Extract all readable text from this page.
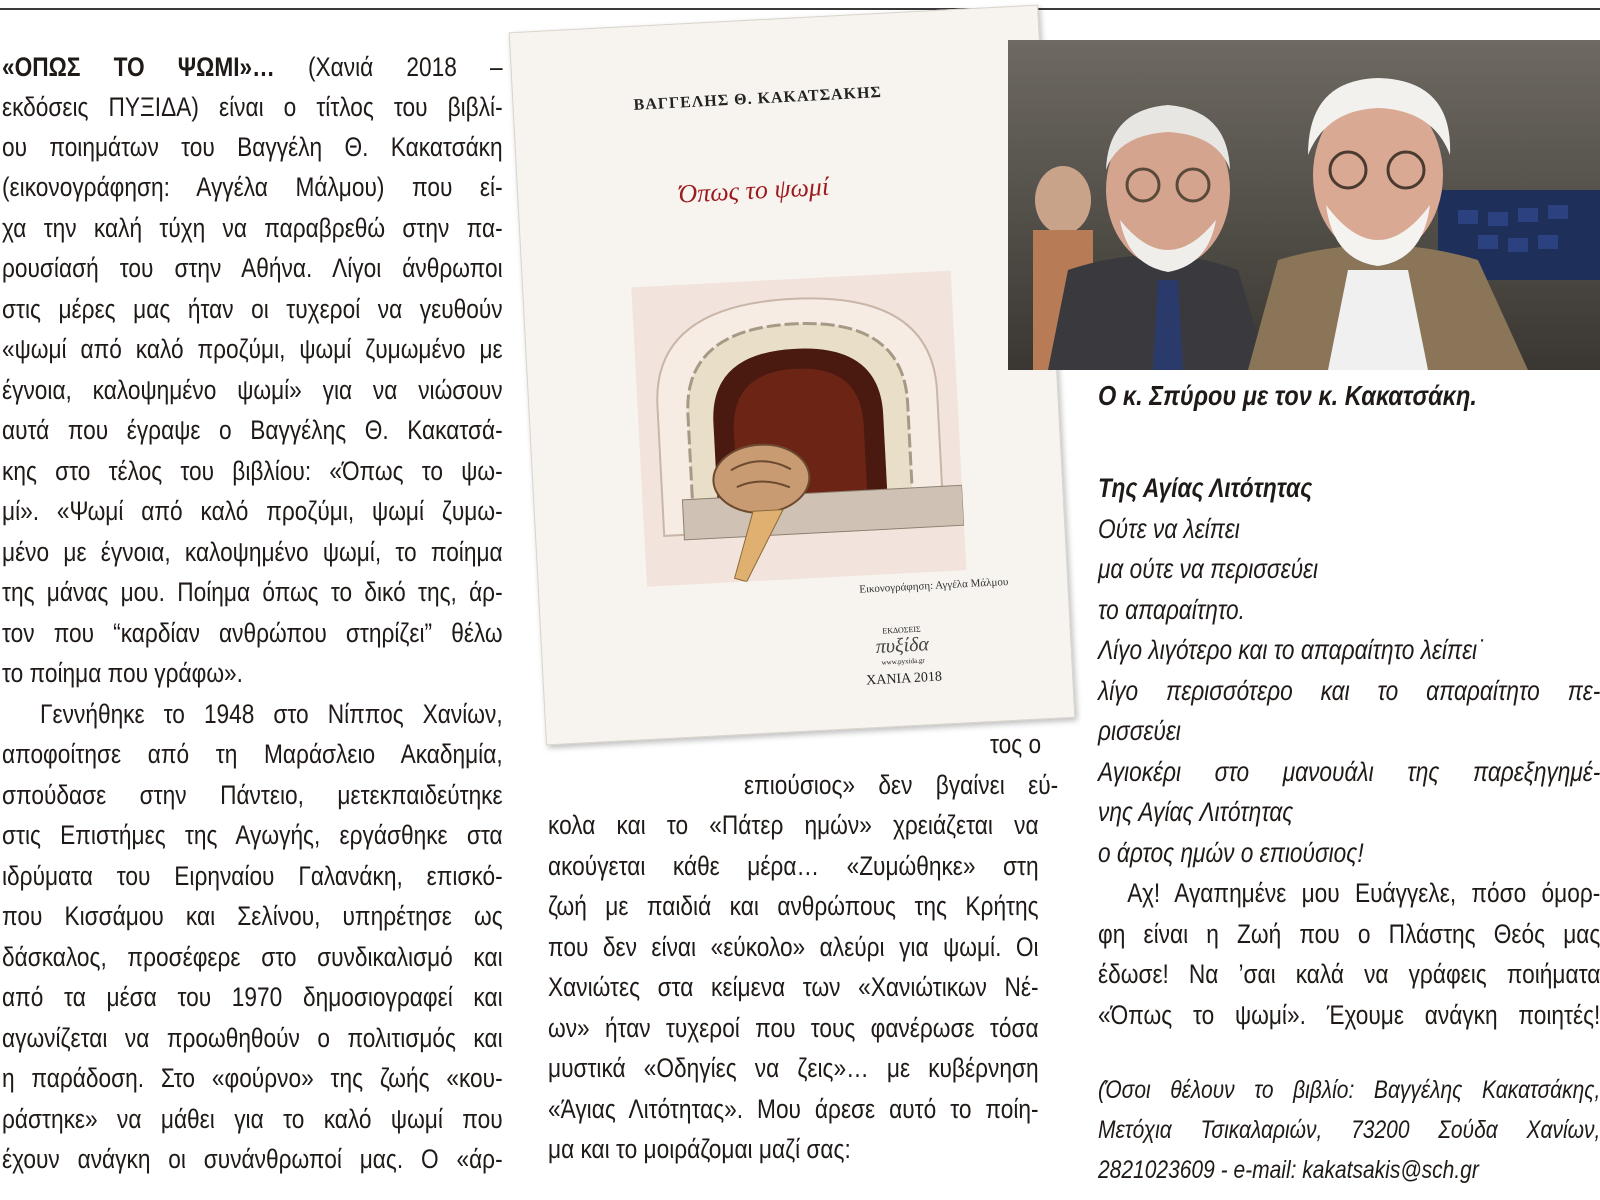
«ΟΠΩΣ ΤΟ ΨΩΜΙ»… (Χανιά 2018 –
εκδόσεις ΠΥΞΙΔΑ) είναι ο τίτλος του βιβλί-
ου ποιημάτων του Βαγγέλη Θ. Κακατσάκη
(εικονογράφηση: Αγγέλα Μάλμου) που εί-
χα την καλή τύχη να παραβρεθώ στην πα-
ρουσίασή του στην Αθήνα. Λίγοι άνθρωποι
στις μέρες μας ήταν οι τυχεροί να γευθούν
«ψωμί από καλό προζύμι, ψωμί ζυμωμένο με
έγνοια, καλοψημένο ψωμί» για να νιώσουν
αυτά που έγραψε ο Βαγγέλης Θ. Κακατσά-
κης στο τέλος του βιβλίου: «Όπως το ψω-
μί». «Ψωμί από καλό προζύμι, ψωμί ζυμω-
μένο με έγνοια, καλοψημένο ψωμί, το ποίημα
της μάνας μου. Ποίημα όπως το δικό της, άρ-
τον που “καρδίαν ανθρώπου στηρίζει” θέλω
το ποίημα που γράφω».
Γεννήθηκε το 1948 στο Νίππος Χανίων,
αποφοίτησε από τη Μαράσλειο Ακαδημία,
σπούδασε στην Πάντειο, μετεκπαιδεύτηκε
στις Επιστήμες της Αγωγής, εργάσθηκε στα
ιδρύματα του Ειρηναίου Γαλανάκη, επισκό-
που Κισσάμου και Σελίνου, υπηρέτησε ως
δάσκαλος, προσέφερε στο συνδικαλισμό και
από τα μέσα του 1970 δημοσιογραφεί και
αγωνίζεται να προωθηθούν ο πολιτισμός και
η παράδοση. Στο «φούρνο» της ζωής «κου-
ράστηκε» να μάθει για το καλό ψωμί που
έχουν ανάγκη οι συνάνθρωποί μας. Ο «άρ-
ΒΑΓΓΕΛΗΣ Θ. ΚΑΚΑΤΣΑΚΗΣ
Όπως το ψωμί
Εικονογράφηση: Αγγέλα Μάλμου
ΕΚΔΟΣΕΙΣ
πυξίδα
www.pyxida.gr
ΧΑΝΙΑ 2018
τος ο
επιούσιος» δεν βγαίνει εύ-
κολα και το «Πάτερ ημών» χρειάζεται να
ακούγεται κάθε μέρα… «Ζυμώθηκε» στη
ζωή με παιδιά και ανθρώπους της Κρήτης
που δεν είναι «εύκολο» αλεύρι για ψωμί. Οι
Χανιώτες στα κείμενα των «Χανιώτικων Νέ-
ων» ήταν τυχεροί που τους φανέρωσε τόσα
μυστικά «Οδηγίες να ζεις»… με κυβέρνηση
«Άγιας Λιτότητας». Μου άρεσε αυτό το ποίη-
μα και το μοιράζομαι μαζί σας:
Ο κ. Σπύρου με τον κ. Κακατσάκη.
Της Αγίας Λιτότητας
Ούτε να λείπει
μα ούτε να περισσεύει
το απαραίτητο.
Λίγο λιγότερο και το απαραίτητο λείπει˙
λίγο περισσότερο και το απαραίτητο πε-
ρισσεύει
Αγιοκέρι στο μανουάλι της παρεξηγημέ-
νης Αγίας Λιτότητας
ο άρτος ημών ο επιούσιος!
Αχ! Αγαπημένε μου Ευάγγελε, πόσο όμορ-
φη είναι η Ζωή που ο Πλάστης Θεός μας
έδωσε! Να ’σαι καλά να γράφεις ποιήματα
«Όπως το ψωμί». Έχουμε ανάγκη ποιητές!
(Όσοι θέλουν το βιβλίο: Βαγγέλης Κακατσάκης,
Μετόχια Τσικαλαριών, 73200 Σούδα Χανίων,
2821023609 - e-mail: kakatsakis@sch.gr
